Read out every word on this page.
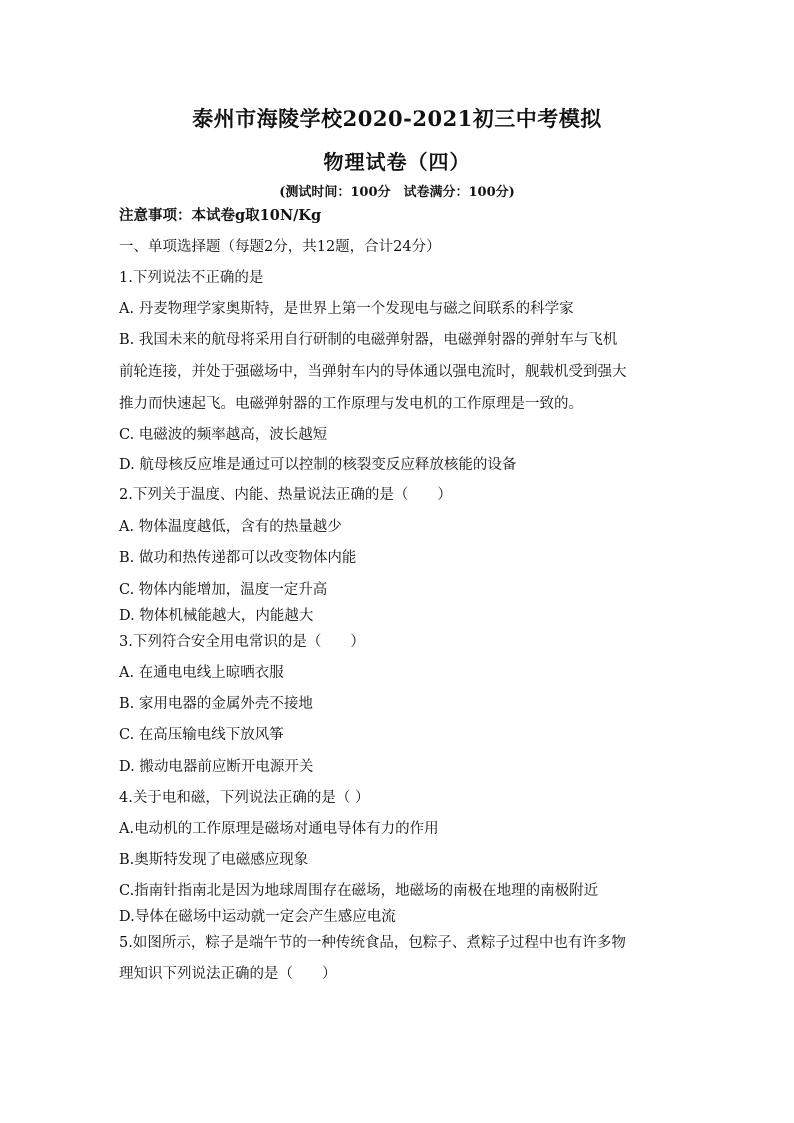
泰州市海陵学校2020-2021初三中考模拟
物理试卷（四）
(测试时间：100分　试卷满分：100分)
注意事项：本试卷g取10N/Kg
一、单项选择题（每题2分，共12题，合计24分）
1.下列说法不正确的是
A. 丹麦物理学家奥斯特，是世界上第一个发现电与磁之间联系的科学家
B. 我国未来的航母将采用自行研制的电磁弹射器，电磁弹射器的弹射车与飞机
前轮连接，并处于强磁场中，当弹射车内的导体通以强电流时，舰载机受到强大
推力而快速起飞。电磁弹射器的工作原理与发电机的工作原理是一致的。
C. 电磁波的频率越高，波长越短
D. 航母核反应堆是通过可以控制的核裂变反应释放核能的设备
2.下列关于温度、内能、热量说法正确的是（　　）
A. 物体温度越低，含有的热量越少
B. 做功和热传递都可以改变物体内能
C. 物体内能增加，温度一定升高
D. 物体机械能越大，内能越大
3.下列符合安全用电常识的是（　　）
A. 在通电电线上晾晒衣服
B. 家用电器的金属外壳不接地
C. 在高压输电线下放风筝
D. 搬动电器前应断开电源开关
4.关于电和磁，下列说法正确的是（ ）
A.电动机的工作原理是磁场对通电导体有力的作用
B.奥斯特发现了电磁感应现象
C.指南针指南北是因为地球周围存在磁场，地磁场的南极在地理的南极附近
D.导体在磁场中运动就一定会产生感应电流
5.如图所示，粽子是端午节的一种传统食品，包粽子、煮粽子过程中也有许多物
理知识下列说法正确的是（　　）
